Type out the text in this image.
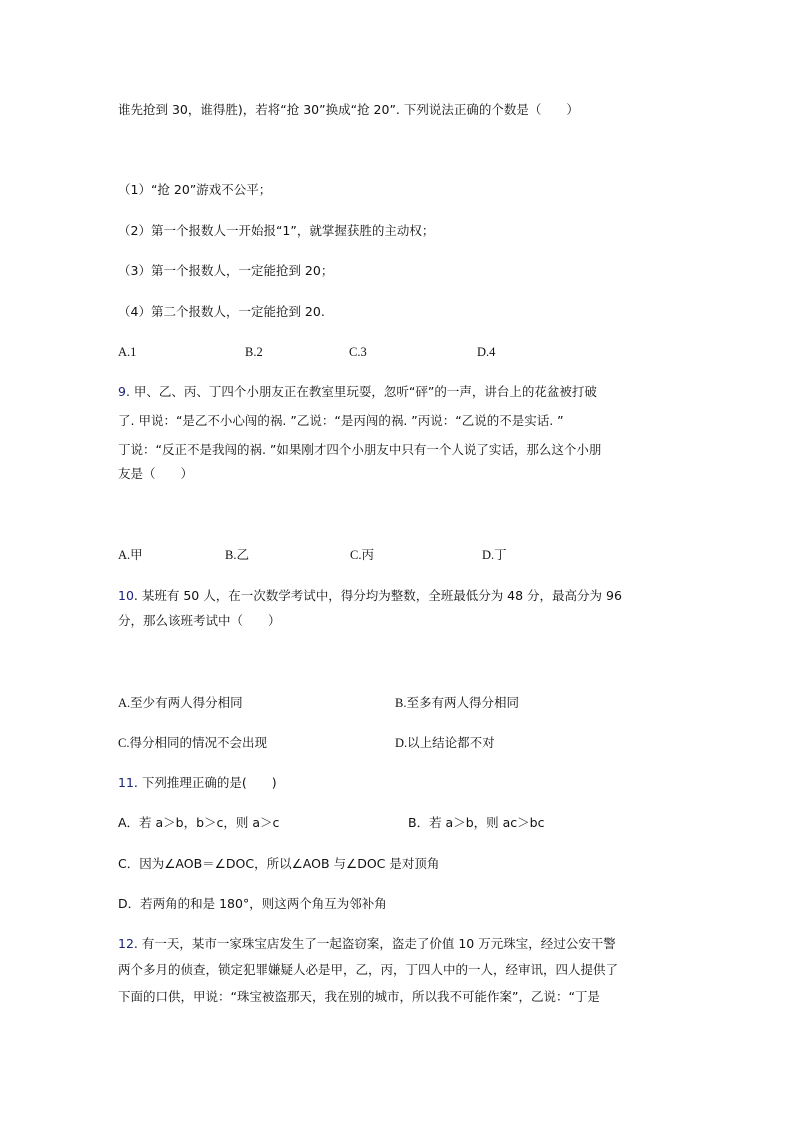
谁先抢到 30，谁得胜)，若将“抢 30”换成“抢 20”. 下列说法正确的个数是（　　）
（1）“抢 20”游戏不公平；
（2）第一个报数人一开始报“1”，就掌握获胜的主动权；
（3）第一个报数人，一定能抢到 20；
（4）第二个报数人，一定能抢到 20.
A.1	B.2	C.3	D.4
9. 甲、乙、丙、丁四个小朋友正在教室里玩耍，忽听“砰”的一声，讲台上的花盆被打破
了. 甲说：“是乙不小心闯的祸. ”乙说：“是丙闯的祸. ”丙说：“乙说的不是实话. ”
丁说：“反正不是我闯的祸. ”如果刚才四个小朋友中只有一个人说了实话，那么这个小朋
友是（　　）
A.甲	B.乙	C.丙	D.丁
10. 某班有 50 人，在一次数学考试中，得分均为整数，全班最低分为 48 分，最高分为 96
分，那么该班考试中（　　）
A.至少有两人得分相同	B.至多有两人得分相同
C.得分相同的情况不会出现	D.以上结论都不对
11. 下列推理正确的是(　　)
A．若 a＞b，b＞c，则 a＞c	B．若 a＞b，则 ac＞bc
C．因为∠AOB＝∠DOC，所以∠AOB 与∠DOC 是对顶角
D．若两角的和是 180°，则这两个角互为邻补角
12. 有一天，某市一家珠宝店发生了一起盗窃案，盗走了价值 10 万元珠宝，经过公安干警
两个多月的侦查，锁定犯罪嫌疑人必是甲，乙，丙，丁四人中的一人，经审讯，四人提供了
下面的口供，甲说：“珠宝被盗那天，我在别的城市，所以我不可能作案”，乙说：“丁是
